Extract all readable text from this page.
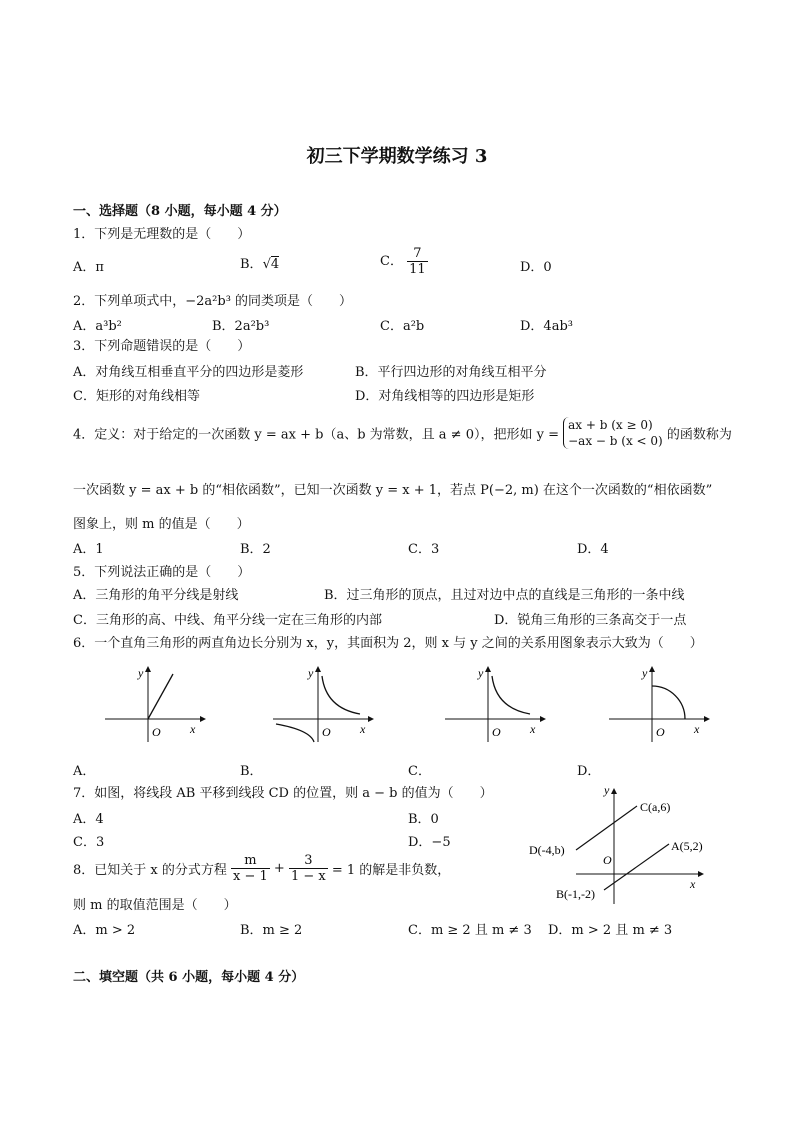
初三下学期数学练习 3
一、选择题（8 小题，每小题 4 分）
1．下列是无理数的是（　　）
A．π	B．√4	C． $\frac{7}{11}$	D．0
2．下列单项式中，−2a²b³ 的同类项是（　　）
A．a³b²	B．2a²b³	C．a²b	D．4ab³
3．下列命题错误的是（　　）
A．对角线互相垂直平分的四边形是菱形	B．平行四边形的对角线互相平分
C．矩形的对角线相等	D．对角线相等的四边形是矩形
4．定义：对于给定的一次函数 y = ax + b（a、b 为常数，且 a ≠ 0），把形如 y =
ax + b (x ≥ 0)
−ax − b (x < 0) 的函数称为
一次函数 y = ax + b 的“相依函数”，已知一次函数 y = x + 1，若点 P(−2, m) 在这个一次函数的“相依函数”
图象上，则 m 的值是（　　）
A．1	B．2	C．3	D．4
5．下列说法正确的是（　　）
A．三角形的角平分线是射线	B．过三角形的顶点，且过对边中点的直线是三角形的一条中线
C．三角形的高、中线、角平分线一定在三角形的内部	D．锐角三角形的三条高交于一点
6．一个直角三角形的两直角边长分别为 x，y，其面积为 2，则 x 与 y 之间的关系用图象表示大致为（　　）
y
x
O
A．
y
x
O
B．
y
x
O
C．
y
x
O
D．
7．如图，将线段 AB 平移到线段 CD 的位置，则 a − b 的值为（　　）
A．4	B．0
C．3	D．−5
y
x
O
C(a,6)
D(-4,b)	A(5,2)
B(-1,-2)
8．已知关于 x 的分式方程 $\frac{m}{x - 1} + \frac{3}{1 - x} = 1$ 的解是非负数，
则 m 的取值范围是（　　）
A．m > 2	B．m ≥ 2	C．m ≥ 2 且 m ≠ 3 D．m > 2 且 m ≠ 3
二、填空题（共 6 小题，每小题 4 分）
